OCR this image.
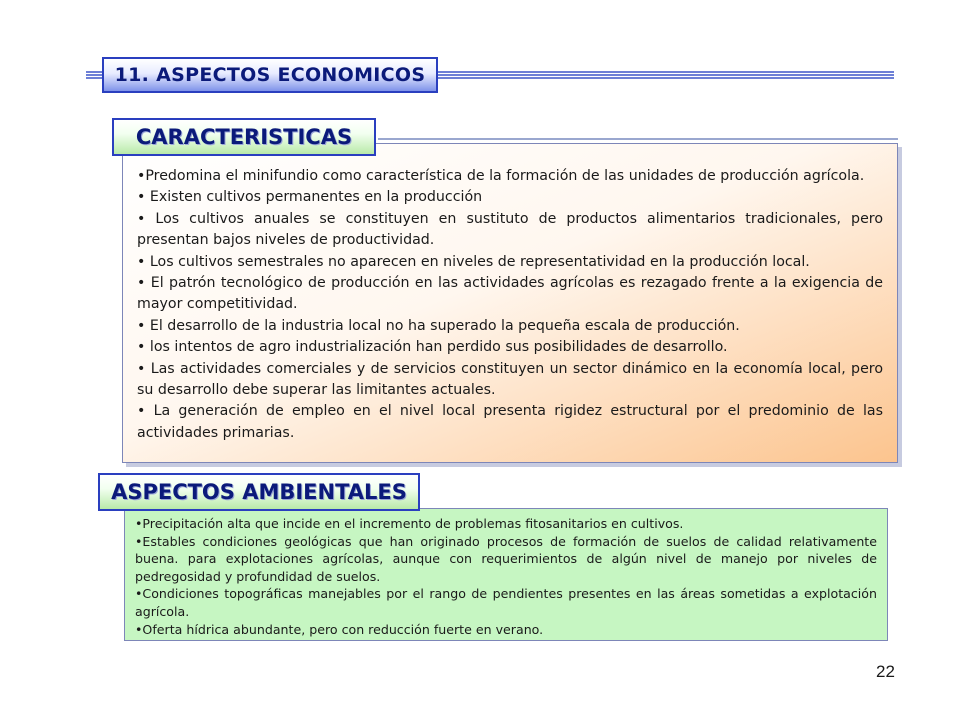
11. ASPECTOS ECONOMICOS

•Predomina el minifundio como característica de la formación de las unidades de producción agrícola.

• Existen cultivos permanentes en la producción

• Los cultivos anuales se constituyen en sustituto de productos alimentarios tradicionales, pero presentan bajos niveles de productividad.

• Los cultivos semestrales no aparecen en niveles de representatividad en la producción local.

• El patrón tecnológico de producción en las actividades agrícolas es rezagado frente a la exigencia de mayor competitividad.

• El desarrollo de la industria local no ha superado la pequeña escala de producción.

• los intentos de agro industrialización han perdido sus posibilidades de desarrollo.

• Las actividades comerciales y de servicios constituyen un sector dinámico en la economía local, pero su desarrollo debe superar las limitantes actuales.

• La generación de empleo en el nivel local presenta rigidez estructural por el predominio de las actividades primarias.

CARACTERISTICAS

•Precipitación alta que incide en el incremento de problemas fitosanitarios en cultivos.

•Estables condiciones geológicas que han originado procesos de formación de suelos de calidad relativamente buena. para explotaciones agrícolas, aunque con requerimientos de algún nivel de manejo por niveles de pedregosidad y profundidad de suelos.

•Condiciones topográficas manejables por el rango de pendientes presentes en las áreas sometidas a explotación agrícola.

•Oferta hídrica abundante, pero con reducción fuerte en verano.

ASPECTOS AMBIENTALES
22
